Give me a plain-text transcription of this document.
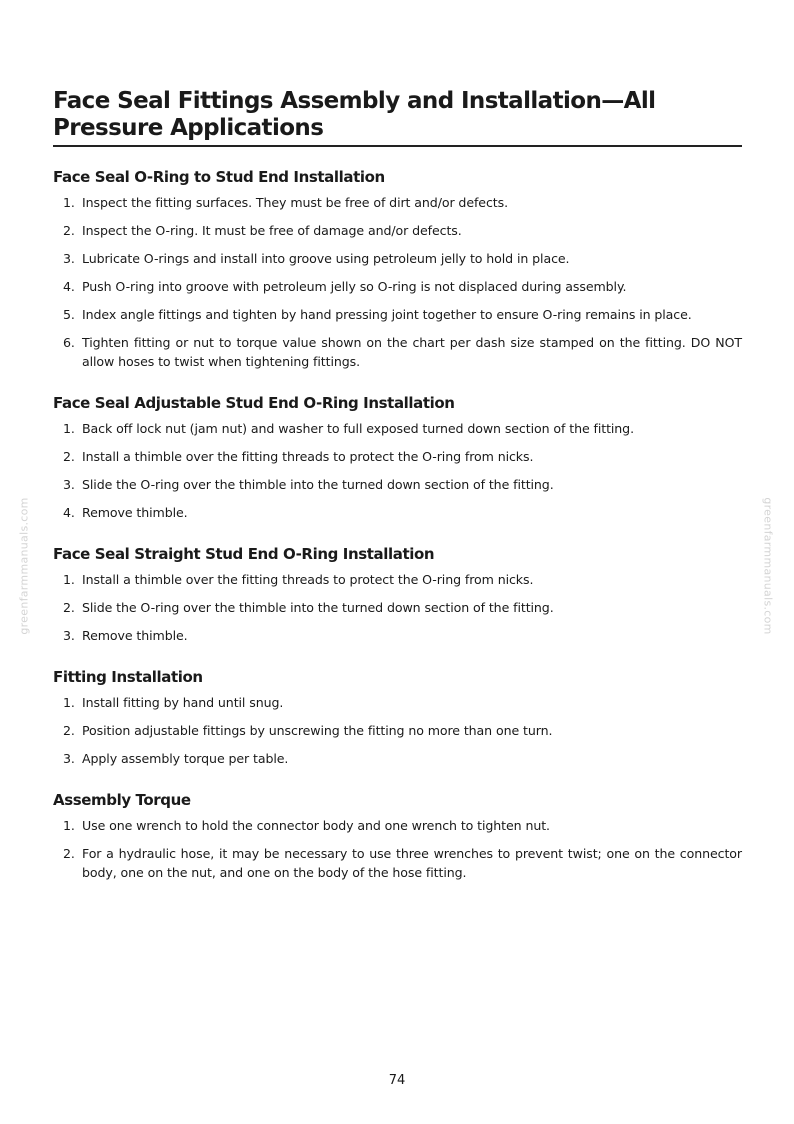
greenfarmmanuals.com	greenfarmmanuals.com
Face Seal Fittings Assembly and Installation—All Pressure Applications
Face Seal O-Ring to Stud End Installation
1. Inspect the fitting surfaces. They must be free of dirt and/or defects.
2. Inspect the O-ring. It must be free of damage and/or defects.
3. Lubricate O-rings and install into groove using petroleum jelly to hold in place.
4. Push O-ring into groove with petroleum jelly so O-ring is not displaced during assembly.
5. Index angle fittings and tighten by hand pressing joint together to ensure O-ring remains in place.
6. Tighten fitting or nut to torque value shown on the chart per dash size stamped on the fitting. DO NOT allow hoses to twist when tightening fittings.
Face Seal Adjustable Stud End O-Ring Installation
1. Back off lock nut (jam nut) and washer to full exposed turned down section of the fitting.
2. Install a thimble over the fitting threads to protect the O-ring from nicks.
3. Slide the O-ring over the thimble into the turned down section of the fitting.
4. Remove thimble.
Face Seal Straight Stud End O-Ring Installation
1. Install a thimble over the fitting threads to protect the O-ring from nicks.
2. Slide the O-ring over the thimble into the turned down section of the fitting.
3. Remove thimble.
Fitting Installation
1. Install fitting by hand until snug.
2. Position adjustable fittings by unscrewing the fitting no more than one turn.
3. Apply assembly torque per table.
Assembly Torque
1. Use one wrench to hold the connector body and one wrench to tighten nut.
2. For a hydraulic hose, it may be necessary to use three wrenches to prevent twist; one on the connector body, one on the nut, and one on the body of the hose fitting.
74
